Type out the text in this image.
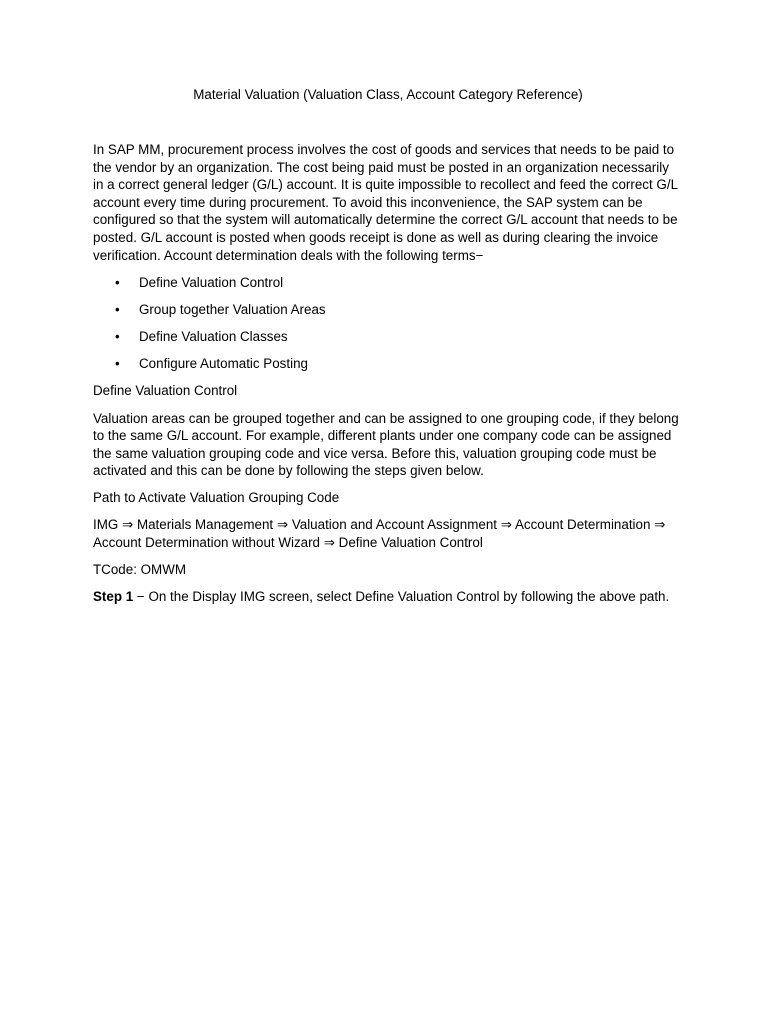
Material Valuation (Valuation Class, Account Category Reference)

In SAP MM, procurement process involves the cost of goods and services that needs to be paid to the vendor by an organization. The cost being paid must be posted in an organization necessarily in a correct general ledger (G/L) account. It is quite impossible to recollect and feed the correct G/L account every time during procurement. To avoid this inconvenience, the SAP system can be configured so that the system will automatically determine the correct G/L account that needs to be posted. G/L account is posted when goods receipt is done as well as during clearing the invoice verification. Account determination deals with the following terms−

• Define Valuation Control
• Group together Valuation Areas
• Define Valuation Classes
• Configure Automatic Posting

Define Valuation Control

Valuation areas can be grouped together and can be assigned to one grouping code, if they belong to the same G/L account. For example, different plants under one company code can be assigned the same valuation grouping code and vice versa. Before this, valuation grouping code must be activated and this can be done by following the steps given below.

Path to Activate Valuation Grouping Code

IMG ⇒ Materials Management ⇒ Valuation and Account Assignment ⇒ Account Determination ⇒ Account Determination without Wizard ⇒ Define Valuation Control

TCode: OMWM

Step 1 − On the Display IMG screen, select Define Valuation Control by following the above path.
